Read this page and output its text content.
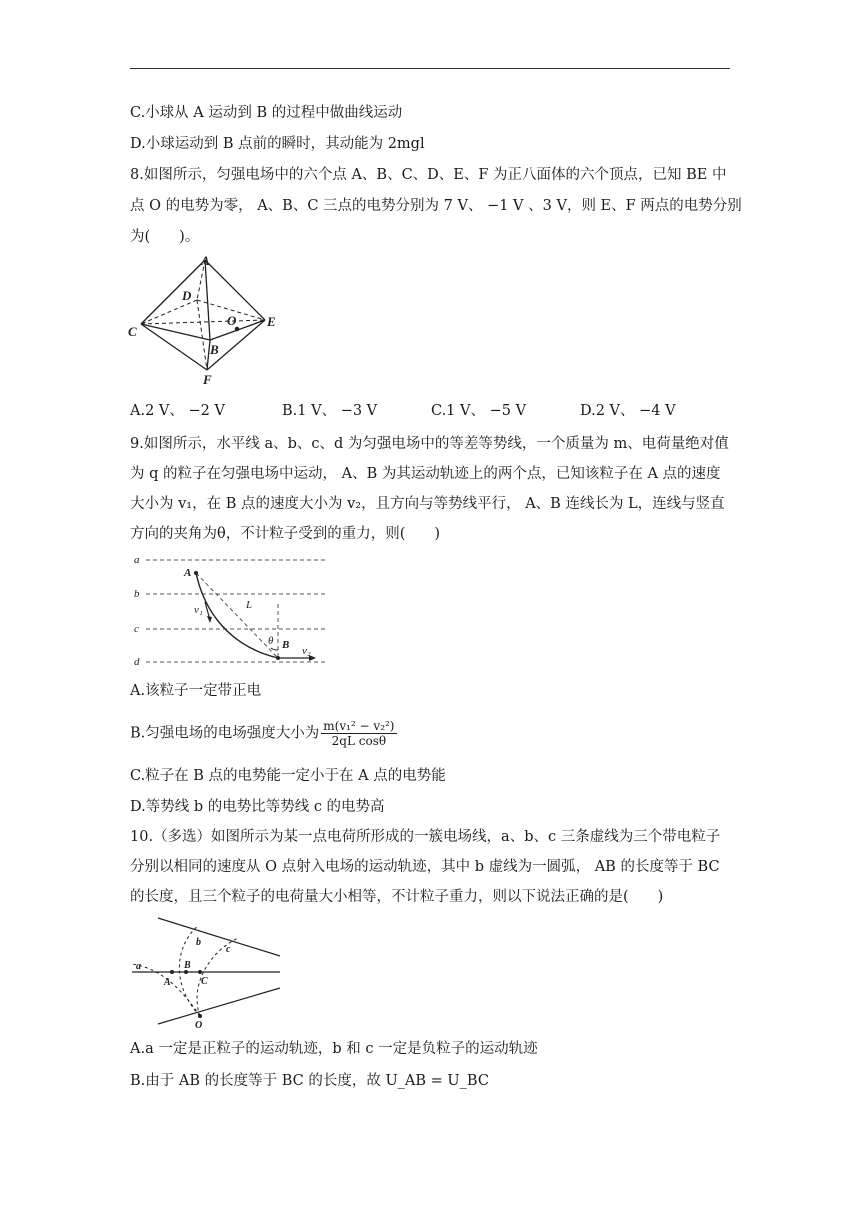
C.小球从 A 运动到 B 的过程中做曲线运动
D.小球运动到 B 点前的瞬时，其动能为 2mgl
8.如图所示，匀强电场中的六个点 A、B、C、D、E、F 为正八面体的六个顶点，已知 BE 中
点 O 的电势为零， A、B、C 三点的电势分别为 7 V、 −1 V 、3 V，则 E、F 两点的电势分别
为(　　)。
A
D
O E
C
B
F
A.2 V、 −2 V	B.1 V、 −3 V	C.1 V、 −5 V	D.2 V、 −4 V
9.如图所示，水平线 a、b、c、d 为匀强电场中的等差等势线，一个质量为 m、电荷量绝对值
为 q 的粒子在匀强电场中运动， A、B 为其运动轨迹上的两个点，已知该粒子在 A 点的速度
大小为 v₁，在 B 点的速度大小为 v₂，且方向与等势线平行， A、B 连线长为 L，连线与竖直
方向的夹角为θ，不计粒子受到的重力，则(　　)
a
b
c
d
A
L
v₁
θ B v₂
A.该粒子一定带正电
B.匀强电场的电场强度大小为 $\frac{\text{m(v₁² − v₂²)}}{\text{2qL cosθ}}$
C.粒子在 B 点的电势能一定小于在 A 点的电势能
D.等势线 b 的电势比等势线 c 的电势高
10.（多选）如图所示为某一点电荷所形成的一簇电场线，a、b、c 三条虚线为三个带电粒子
分别以相同的速度从 O 点射入电场的运动轨迹，其中 b 虚线为一圆弧， AB 的长度等于 BC
的长度，且三个粒子的电荷量大小相等，不计粒子重力，则以下说法正确的是(　　)
a
b
c
A
B
C
O
A.a 一定是正粒子的运动轨迹，b 和 c 一定是负粒子的运动轨迹
B.由于 AB 的长度等于 BC 的长度，故 U_AB = U_BC
